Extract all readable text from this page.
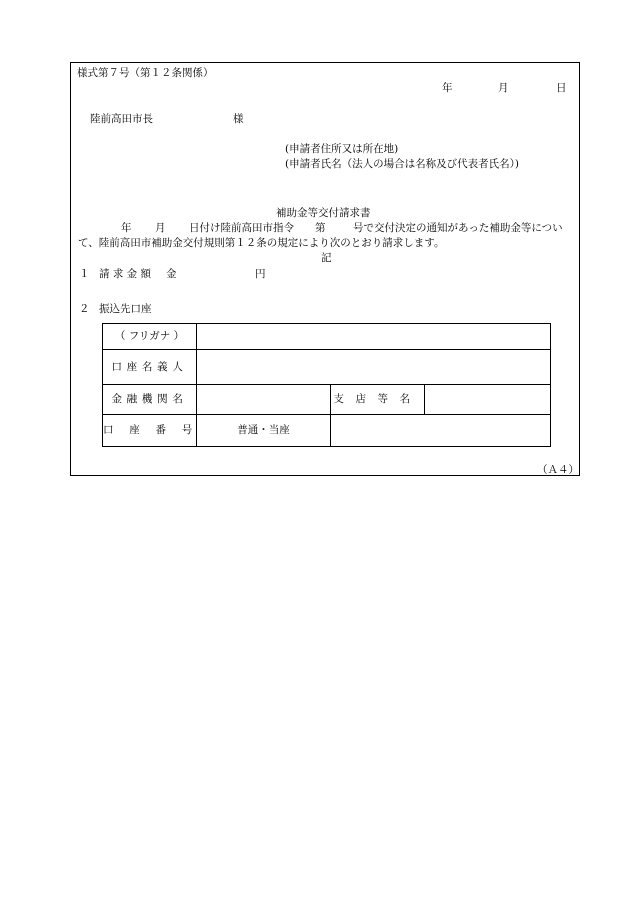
様式第７号（第１２条関係）
年	月	日
陸前高田市長	様
(申請者住所又は所在地)
(申請者氏名（法人の場合は名称及び代表者氏名）)
補助金等交付請求書
年 月 日付け陸前高田市指令 第	号で交付決定の通知があった補助金等につい
て、陸前高田市補助金交付規則第１２条の規定により次のとおり請求します。
記
１ 請 求 金 額 金	円
２ 振込先口座
（ フリガナ ）			
口座名義人			
金融機関名		支店等名	
口座番号	普通・当座		
（Ａ４）
